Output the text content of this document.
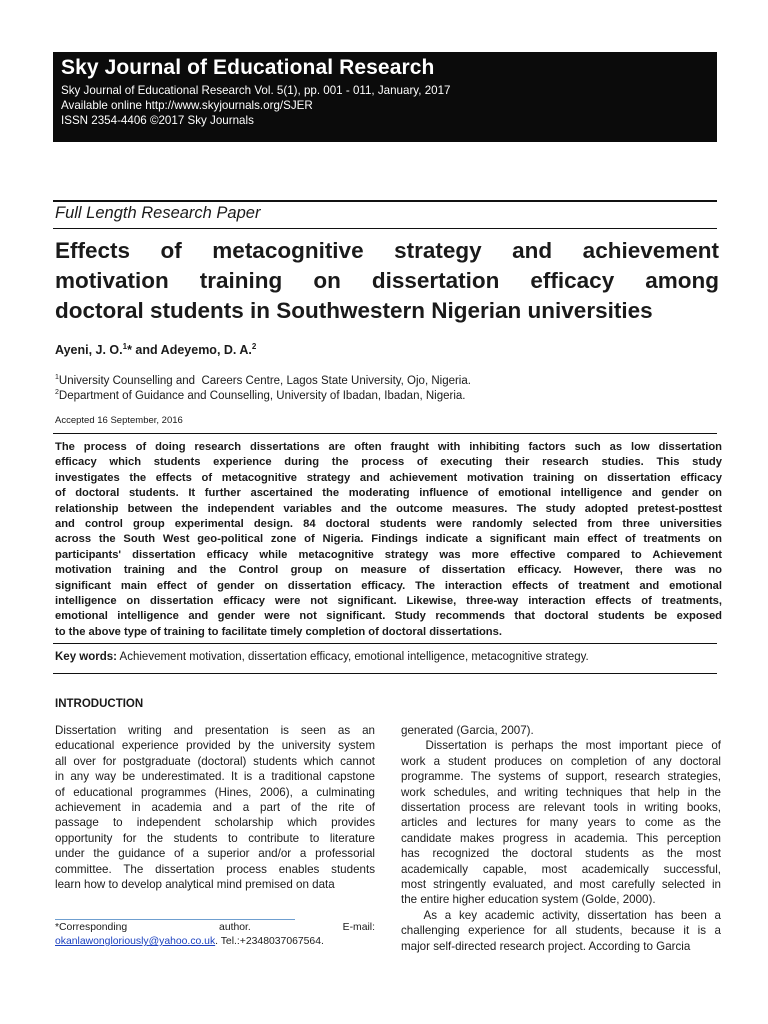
Sky Journal of Educational Research
Sky Journal of Educational Research Vol. 5(1), pp. 001 - 011, January, 2017
Available online http://www.skyjournals.org/SJER
ISSN 2354-4406 ©2017 Sky Journals
Full Length Research Paper
Effects of metacognitive strategy and achievement
motivation training on dissertation efficacy among
doctoral students in Southwestern Nigerian universities
Ayeni, J. O.$^1$* and Adeyemo, D. A.$^2$
$^1$University Counselling and  Careers Centre, Lagos State University, Ojo, Nigeria.
$^2$Department of Guidance and Counselling, University of Ibadan, Ibadan, Nigeria.
Accepted 16 September, 2016
The process of doing research dissertations are often fraught with inhibiting factors such as low dissertation
efficacy which students experience during the process of executing their research studies. This study
investigates the effects of metacognitive strategy and achievement motivation training on dissertation efficacy
of doctoral students. It further ascertained the moderating influence of emotional intelligence and gender on
relationship between the independent variables and the outcome measures. The study adopted pretest-posttest
and control group experimental design. 84 doctoral students were randomly selected from three universities
across the South West geo-political zone of Nigeria. Findings indicate a significant main effect of treatments on
participants' dissertation efficacy while metacognitive strategy was more effective compared to Achievement
motivation training and the Control group on measure of dissertation efficacy. However, there was no
significant main effect of gender on dissertation efficacy. The interaction effects of treatment and emotional
intelligence on dissertation efficacy were not significant. Likewise, three-way interaction effects of treatments,
emotional intelligence and gender were not significant. Study recommends that doctoral students be exposed
to the above type of training to facilitate timely completion of doctoral dissertations.
Key words: Achievement motivation, dissertation efficacy, emotional intelligence, metacognitive strategy.
INTRODUCTION
Dissertation writing and presentation is seen as an
educational experience provided by the university system
all over for postgraduate (doctoral) students which cannot
in any way be underestimated. It is a traditional capstone
of educational programmes (Hines, 2006), a culminating
achievement in academia and a part of the rite of
passage to independent scholarship which provides
opportunity for the students to contribute to literature
under the guidance of a superior and/or a professorial
committee. The dissertation process enables students
learn how to develop analytical mind premised on data
generated (Garcia, 2007).
Dissertation is perhaps the most important piece of
work a student produces on completion of any doctoral
programme. The systems of support, research strategies,
work schedules, and writing techniques that help in the
dissertation process are relevant tools in writing books,
articles and lectures for many years to come as the
candidate makes progress in academia. This perception
has recognized the doctoral students as the most
academically capable, most academically successful,
most stringently evaluated, and most carefully selected in
the entire higher education system (Golde, 2000).
As a key academic activity, dissertation has been a
challenging experience for all students, because it is a
major self-directed research project. According to Garcia
*Corresponding author. E-mail:
okanlawongloriously@yahoo.co.uk. Tel.:+2348037067564.
